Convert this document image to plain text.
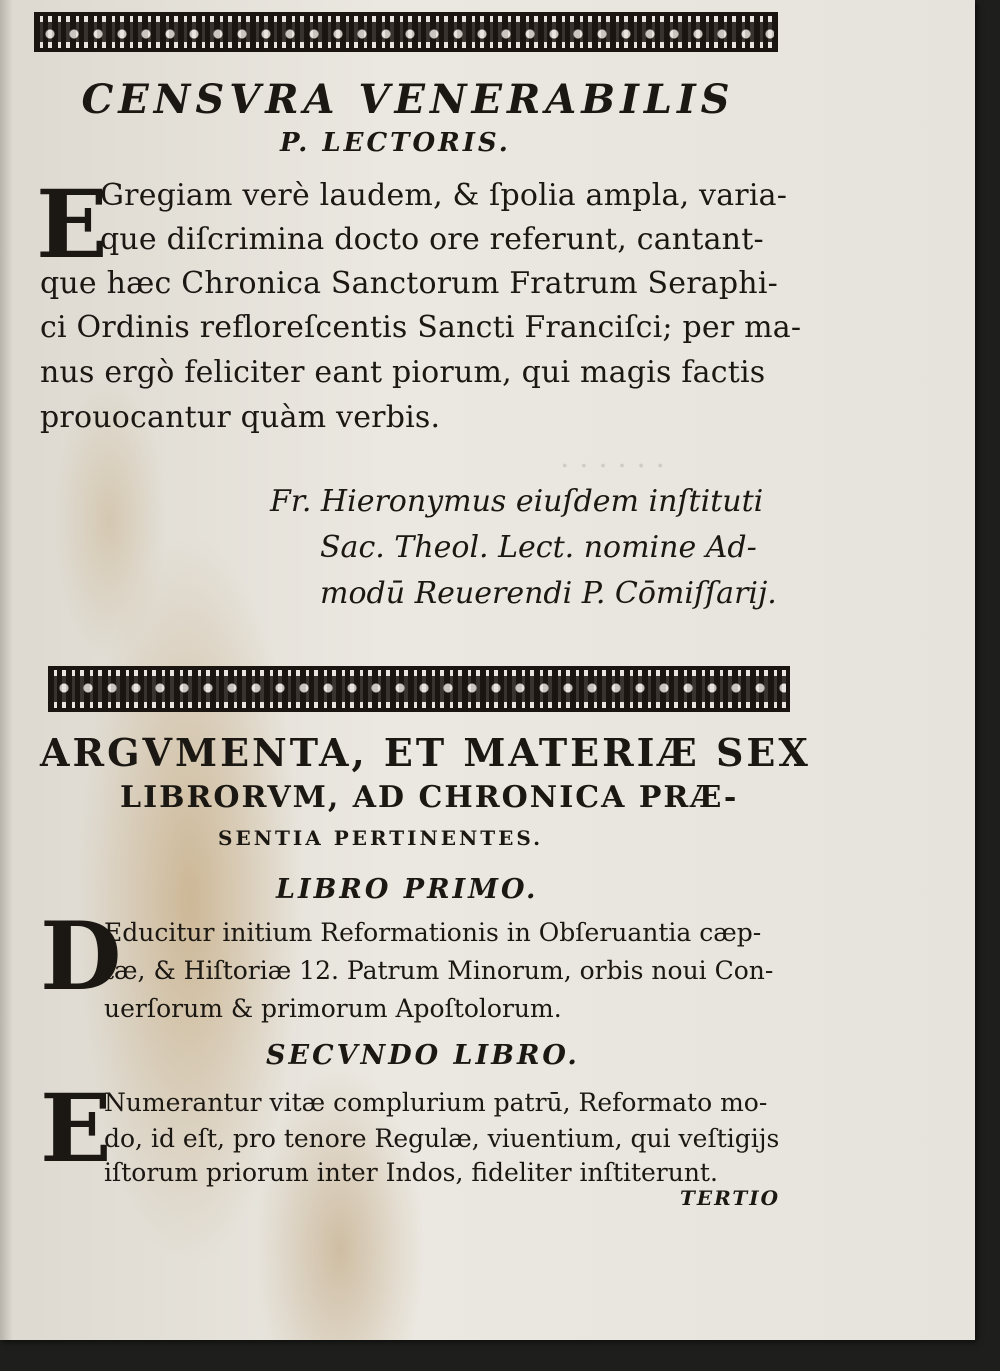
. . . . . .
CENSVRA VENERABILIS
P. LECTORIS.
E
Gregiam verè laudem, & ſpolia ampla, varia-
que diſcrimina docto ore referunt, cantant-
que hæc Chronica Sanctorum Fratrum Seraphi-
ci Ordinis refloreſcentis Sancti Franciſci; per ma-
nus ergò feliciter eant piorum, qui magis factis
prouocantur quàm verbis.
Fr. Hieronymus eiuſdem inſtituti
Sac. Theol. Lect. nomine Ad-
modū Reuerendi P. Cōmiſſarij.
ARGVMENTA, ET MATERIÆ SEX
LIBRORVM, AD CHRONICA PRÆ-
SENTIA PERTINENTES.
LIBRO PRIMO.
D
Educitur initium Reformationis in Obſeruantia cæp-
tæ, & Hiſtoriæ 12. Patrum Minorum, orbis noui Con-
uerſorum & primorum Apoſtolorum.
SECVNDO LIBRO.
E
Numerantur vitæ complurium patrū, Reformato mo-
do, id eſt, pro tenore Regulæ, viuentium, qui veſtigijs
iſtorum priorum inter Indos, fideliter inſtiterunt.
TERTIO
